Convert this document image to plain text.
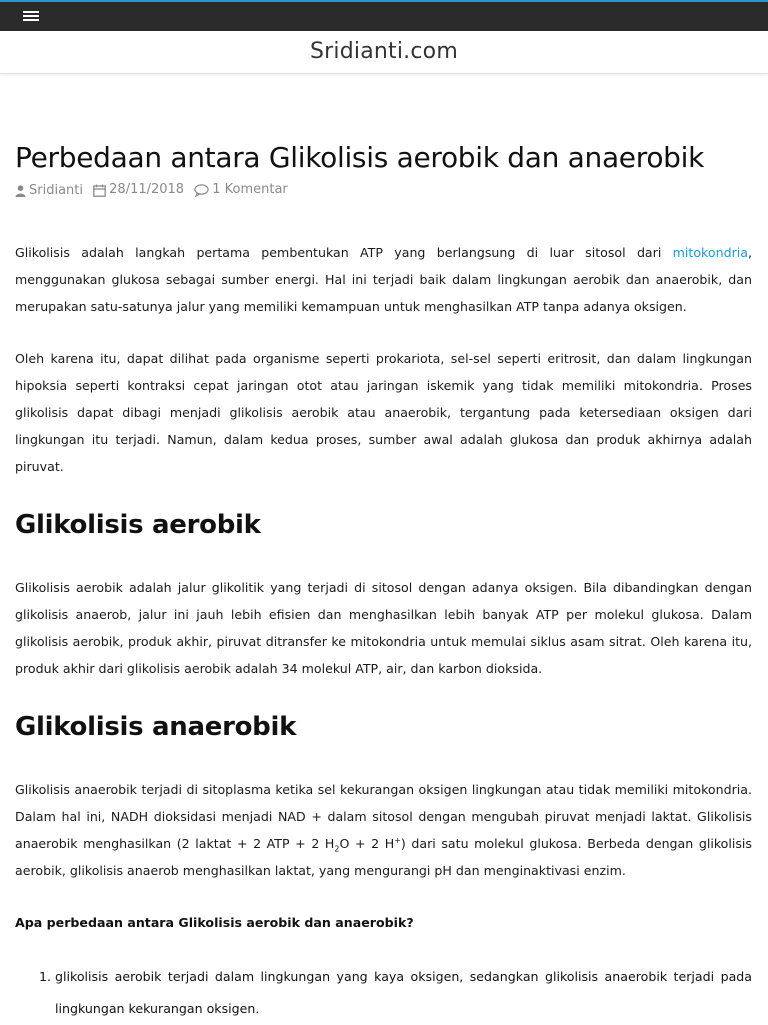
Sridianti.com
Perbedaan antara Glikolisis aerobik dan anaerobik
Sridianti
28/11/2018
1 Komentar

Glikolisis adalah langkah pertama pembentukan ATP yang berlangsung di luar sitosol dari mitokondria, menggunakan glukosa sebagai sumber energi. Hal ini terjadi baik dalam lingkungan aerobik dan anaerobik, dan merupakan satu-satunya jalur yang memiliki kemampuan untuk menghasilkan ATP tanpa adanya oksigen.

Oleh karena itu, dapat dilihat pada organisme seperti prokariota, sel-sel seperti eritrosit, dan dalam lingkungan hipoksia seperti kontraksi cepat jaringan otot atau jaringan iskemik yang tidak memiliki mitokondria. Proses glikolisis dapat dibagi menjadi glikolisis aerobik atau anaerobik, tergantung pada ketersediaan oksigen dari lingkungan itu terjadi. Namun, dalam kedua proses, sumber awal adalah glukosa dan produk akhirnya adalah piruvat.

Glikolisis aerobik

Glikolisis aerobik adalah jalur glikolitik yang terjadi di sitosol dengan adanya oksigen. Bila dibandingkan dengan glikolisis anaerob, jalur ini jauh lebih efisien dan menghasilkan lebih banyak ATP per molekul glukosa. Dalam glikolisis aerobik, produk akhir, piruvat ditransfer ke mitokondria untuk memulai siklus asam sitrat. Oleh karena itu, produk akhir dari glikolisis aerobik adalah 34 molekul ATP, air, dan karbon dioksida.

Glikolisis anaerobik

Glikolisis anaerobik terjadi di sitoplasma ketika sel kekurangan oksigen lingkungan atau tidak memiliki mitokondria. Dalam hal ini, NADH dioksidasi menjadi NAD + dalam sitosol dengan mengubah piruvat menjadi laktat. Glikolisis anaerobik menghasilkan (2 laktat + 2 ATP + 2 $H_2O + 2$ H+) dari satu molekul glukosa. Berbeda dengan glikolisis aerobik, glikolisis anaerob menghasilkan laktat, yang mengurangi pH dan menginaktivasi enzim.

Apa perbedaan antara Glikolisis aerobik dan anaerobik?

1. glikolisis aerobik terjadi dalam lingkungan yang kaya oksigen, sedangkan glikolisis anaerobik terjadi pada lingkungan kekurangan oksigen.
